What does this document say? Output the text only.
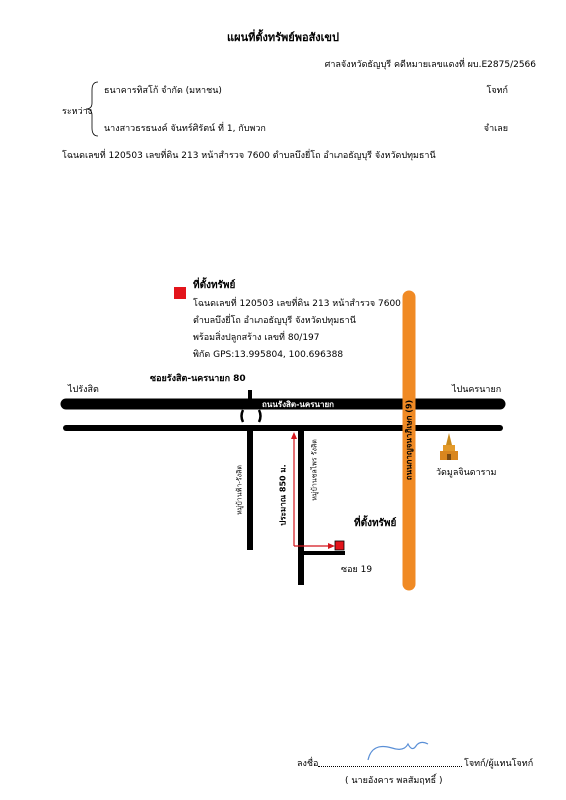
แผนที่ตั้งทรัพย์พอสังเขป
ศาลจังหวัดธัญบุรี คดีหมายเลขแดงที่ ผบ.E2875/2566
ระหว่าง
ธนาคารทิสโก้ จำกัด (มหาชน)	โจทก์
นางสาวธรธนงค์ จันทร์ศิรัตน์ ที่ 1, กับพวก	จำเลย
โฉนดเลขที่ 120503 เลขที่ดิน 213 หน้าสำรวจ 7600 ตำบลบึงยี่โถ อำเภอธัญบุรี จังหวัดปทุมธานี
ที่ตั้งทรัพย์
โฉนดเลขที่ 120503 เลขที่ดิน 213 หน้าสำรวจ 7600
ตำบลบึงยี่โถ อำเภอธัญบุรี จังหวัดปทุมธานี
พร้อมสิ่งปลูกสร้าง เลขที่ 80/197
พิกัด GPS:13.995804, 100.696388
ไปรังสิต	ไปนครนายก
ซอยรังสิต-นครนายก 80
ถนนรังสิต-นครนายก	ถนนกาญจนาภิเษก (9)
หมู่บ้านฟ้า-รังสิต	หมู่บ้านชลไพร รังสิต
ประมาณ 850 ม.	ที่ตั้งทรัพย์
ซอย 19
วัดมูลจินดาราม
ลงชื่อ	โจทก์/ผู้แทนโจทก์
( นายอังคาร พลสัมฤทธิ์ )
